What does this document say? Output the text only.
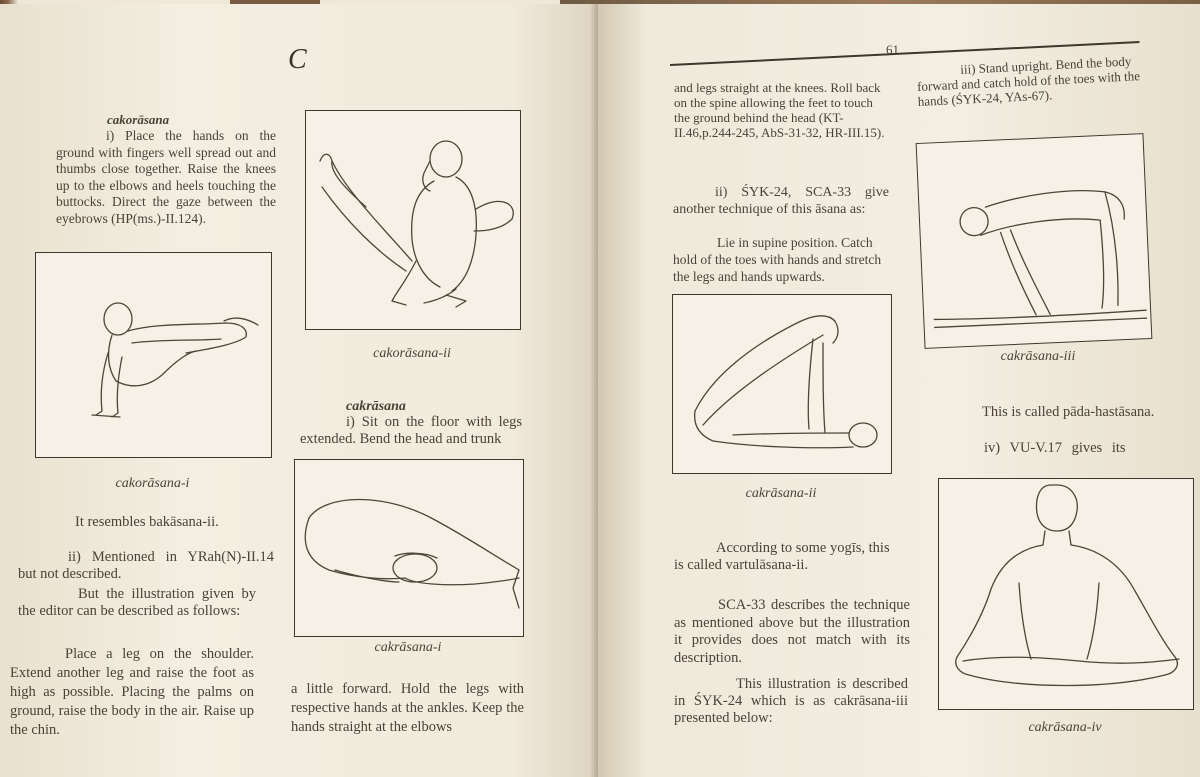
C
cakorāsana

i) Place the hands on the ground with fingers well spread out and thumbs close together. Raise the knees up to the elbows and heels touching the buttocks. Direct the gaze between the eyebrows (HP(ms.)-II.124).

cakorāsana-i
It resembles bakāsana-ii.

ii) Mentioned in YRah(N)-II.14 but not described.

But the illustration given by the editor can be described as follows:

Place a leg on the shoulder. Extend another leg and raise the foot as high as possible. Placing the palms on ground, raise the body in the air. Raise up the chin.

cakorāsana-ii
cakrāsana

i) Sit on the floor with legs extended. Bend the head and trunk

cakrāsana-i

a little forward. Hold the legs with respective hands at the ankles. Keep the hands straight at the elbows

61

and legs straight at the knees. Roll back on the spine allowing the feet to touch the ground behind the head (KT-II.46,p.244-245, AbS-31-32, HR-III.15).

ii) ŚYK-24, SCA-33 give another technique of this āsana as:

Lie in supine position. Catch hold of the toes with hands and stretch the legs and hands upwards.

cakrāsana-ii

According to some yogīs, this is called vartulāsana-ii.

SCA-33 describes the technique as mentioned above but the illustration it provides does not match with its description.

This illustration is described in ŚYK-24 which is as cakrāsana-iii presented below:

iii) Stand upright. Bend the body forward and catch hold of the toes with the hands (ŚYK-24, YAs-67).

cakrāsana-iii
This is called pāda-hastāsana.
iv) VU-V.17 gives its
cakrāsana-iv
